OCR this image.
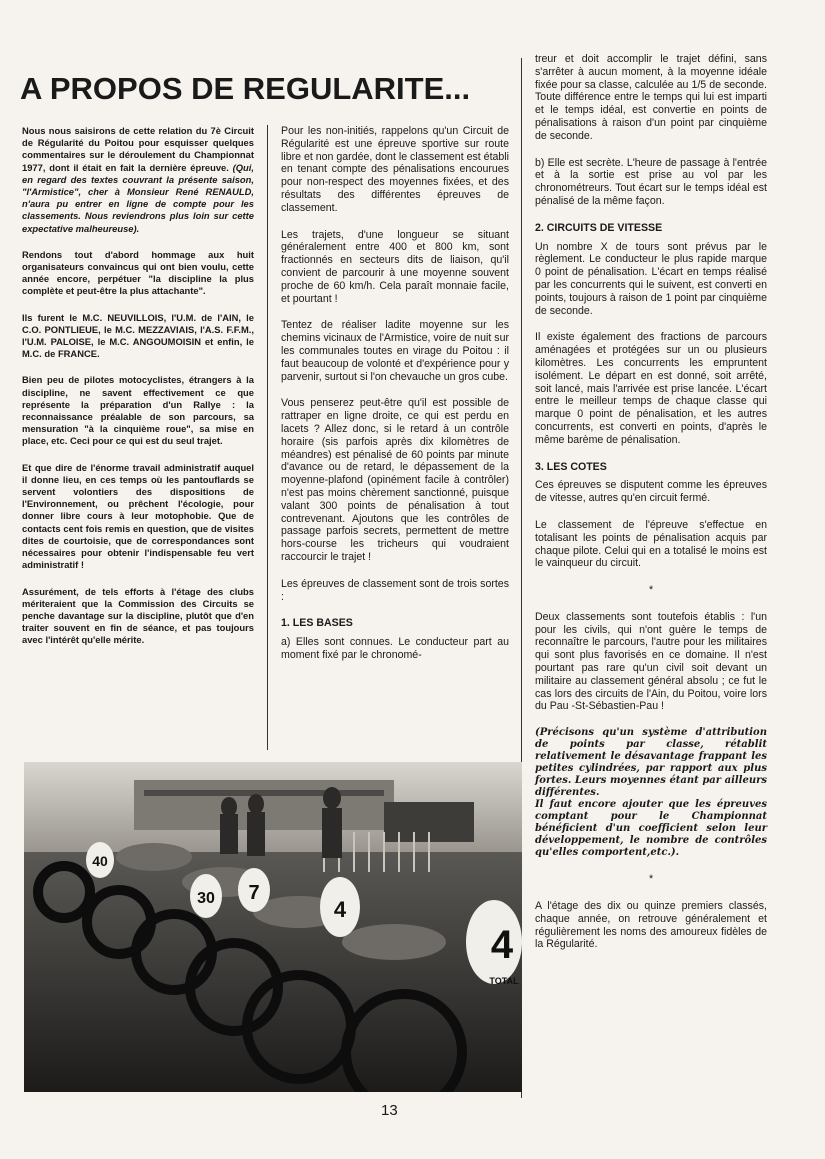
A PROPOS DE REGULARITE...

Nous nous saisirons de cette relation du 7è Circuit de Régularité du Poitou pour esquisser quelques commentaires sur le déroulement du Championnat 1977, dont il était en fait la dernière épreuve. (Qui, en regard des textes couvrant la présente saison, "l'Armistice", cher à Monsieur René RENAULD, n'aura pu entrer en ligne de compte pour les classements. Nous reviendrons plus loin sur cette expectative malheureuse).

Rendons tout d'abord hommage aux huit organisateurs convaincus qui ont bien voulu, cette année encore, perpétuer "la discipline la plus complète et peut-être la plus attachante".

Ils furent le M.C. NEUVILLOIS, l'U.M. de l'AIN, le C.O. PONTLIEUE, le M.C. MEZZAVIAIS, l'A.S. F.F.M., l'U.M. PALOISE, le M.C. ANGOUMOISIN et enfin, le M.C. de FRANCE.

Bien peu de pilotes motocyclistes, étrangers à la discipline, ne savent effectivement ce que représente la préparation d'un Rallye : la reconnaissance préalable de son parcours, sa mensuration "à la cinquième roue", sa mise en place, etc. Ceci pour ce qui est du seul trajet.

Et que dire de l'énorme travail administratif auquel il donne lieu, en ces temps où les pantouflards se servent volontiers des dispositions de l'Environnement, ou prêchent l'écologie, pour donner libre cours à leur motophobie. Que de contacts cent fois remis en question, que de visites dites de courtoisie, que de correspondances sont nécessaires pour obtenir l'indispensable feu vert administratif !

Assurément, de tels efforts à l'étage des clubs mériteraient que la Commission des Circuits se penche davantage sur la discipline, plutôt que d'en traiter souvent en fin de séance, et pas toujours avec l'intérêt qu'elle mérite.

Pour les non-initiés, rappelons qu'un Circuit de Régularité est une épreuve sportive sur route libre et non gardée, dont le classement est établi en tenant compte des pénalisations encourues pour non-respect des moyennes fixées, et des résultats des différentes épreuves de classement.

Les trajets, d'une longueur se situant généralement entre 400 et 800 km, sont fractionnés en secteurs dits de liaison, qu'il convient de parcourir à une moyenne souvent proche de 60 km/h. Cela paraît monnaie facile, et pourtant !

Tentez de réaliser ladite moyenne sur les chemins vicinaux de l'Armistice, voire de nuit sur les communales toutes en virage du Poitou : il faut beaucoup de volonté et d'expérience pour y parvenir, surtout si l'on chevauche un gros cube.

Vous penserez peut-être qu'il est possible de rattraper en ligne droite, ce qui est perdu en lacets ? Allez donc, si le retard à un contrôle horaire (sis parfois après dix kilomètres de méandres) est pénalisé de 60 points par minute d'avance ou de retard, le dépassement de la moyenne-plafond (opinément facile à contrôler) n'est pas moins chèrement sanctionné, puisque valant 300 points de pénalisation à tout contrevenant. Ajoutons que les contrôles de passage parfois secrets, permettent de mettre hors-course les tricheurs qui voudraient raccourcir le trajet !

Les épreuves de classement sont de trois sortes :

1. LES BASES

a) Elles sont connues. Le conducteur part au moment fixé par le chronomé-

treur et doit accomplir le trajet défini, sans s'arrêter à aucun moment, à la moyenne idéale fixée pour sa classe, calculée au 1/5 de seconde. Toute différence entre le temps qui lui est imparti et le temps idéal, est convertie en points de pénalisations à raison d'un point par cinquième de seconde.

b) Elle est secrète. L'heure de passage à l'entrée et à la sortie est prise au vol par les chronométreurs. Tout écart sur le temps idéal est pénalisé de la même façon.

2. CIRCUITS DE VITESSE

Un nombre X de tours sont prévus par le règlement. Le conducteur le plus rapide marque 0 point de pénalisation. L'écart en temps réalisé par les concurrents qui le suivent, est converti en points, toujours à raison de 1 point par cinquième de seconde.

Il existe également des fractions de parcours aménagées et protégées sur un ou plusieurs kilomètres. Les concurrents les empruntent isolément. Le départ en est donné, soit arrêté, soit lancé, mais l'arrivée est prise lancée. L'écart entre le meilleur temps de chaque classe qui marque 0 point de pénalisation, et les autres concurrents, est converti en points, d'après le même barème de pénalisation.

3. LES COTES

Ces épreuves se disputent comme les épreuves de vitesse, autres qu'en circuit fermé.

Le classement de l'épreuve s'effectue en totalisant les points de pénalisation acquis par chaque pilote. Celui qui en a totalisé le moins est le vainqueur du circuit.

*

Deux classements sont toutefois établis : l'un pour les civils, qui n'ont guère le temps de reconnaître le parcours, l'autre pour les militaires qui sont plus favorisés en ce domaine. Il n'est pourtant pas rare qu'un civil soit devant un militaire au classement général absolu ; ce fut le cas lors des circuits de l'Ain, du Poitou, voire lors du Pau -St-Sébastien-Pau !

(Précisons qu'un système d'attribution de points par classe, rétablit relativement le désavantage frappant les petites cylindrées, par rapport aux plus fortes. Leurs moyennes étant par ailleurs différentes.

Il faut encore ajouter que les épreuves comptant pour le Championnat bénéficient d'un coefficient selon leur développement, le nombre de contrôles qu'elles comportent,etc.).

*

A l'étage des dix ou quinze premiers classés, chaque année, on retrouve généralement et régulièrement les noms des amoureux fidèles de la Régularité.

40
30 7
4
4
TOTAL
13
